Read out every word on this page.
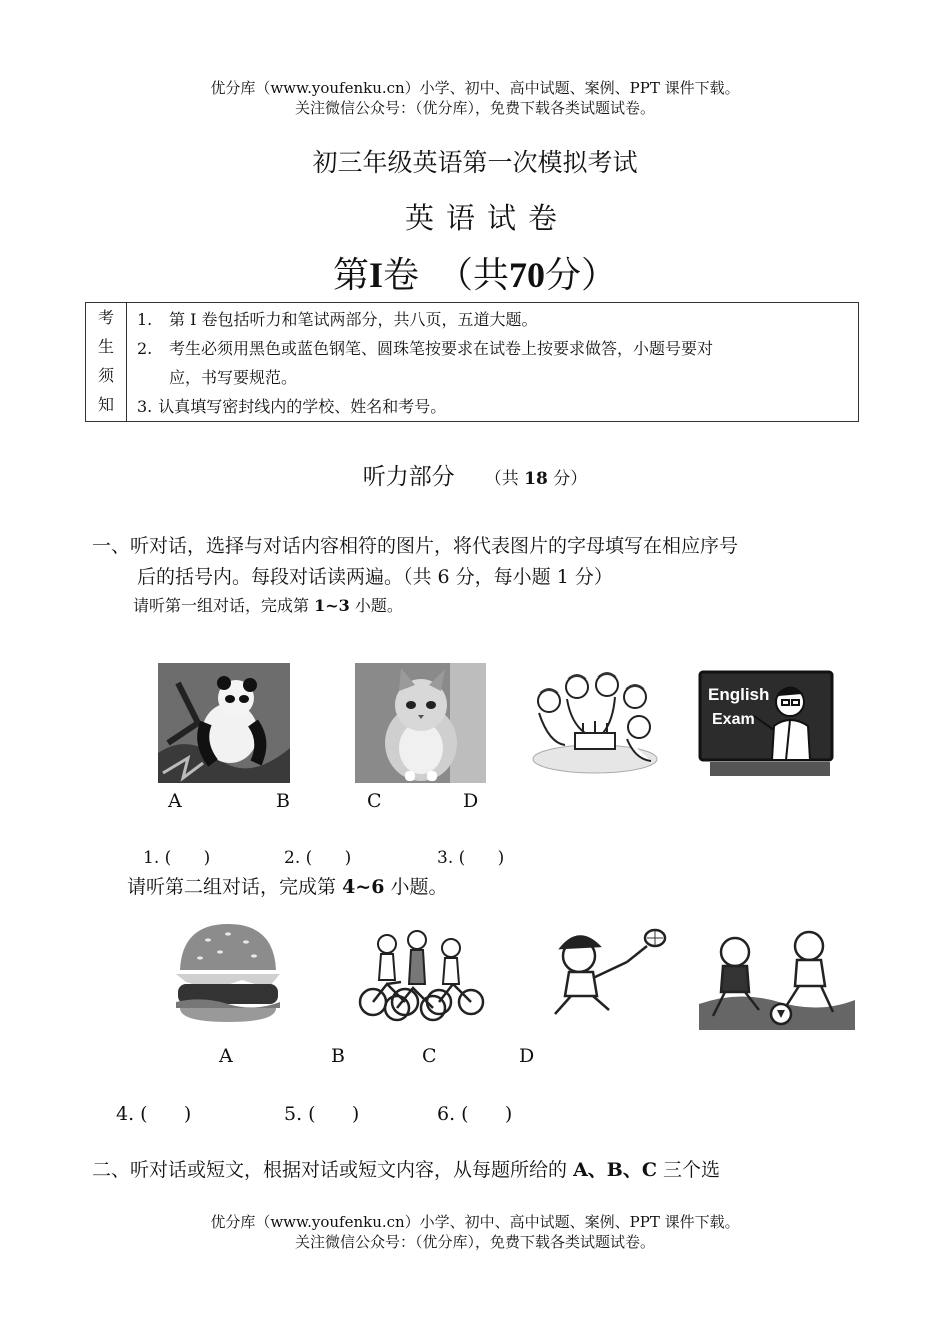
优分库（www.youfenku.cn）小学、初中、高中试题、案例、PPT 课件下载。
关注微信公众号：（优分库），免费下载各类试题试卷。
初三年级英语第一次模拟考试
英语试卷
第I卷　（共70分）
考
生
须
知

1.	第 I 卷包括听力和笔试两部分，共八页，五道大题。
2.	考生必须用黑色或蓝色钢笔、圆珠笔按要求在试卷上按要求做答，小题号要对
应，书写要规范。
3. 认真填写密封线内的学校、姓名和考号。
听力部分 （共 18 分）
一、听对话，选择与对话内容相符的图片，将代表图片的字母填写在相应序号
后的括号内。每段对话读两遍。（共 6 分，每小题 1 分）
请听第一组对话，完成第 1~3 小题。
English
Exam
A	B	C	D
1. (      )	2. (      )	3. (      )
请听第二组对话，完成第 4~6 小题。
A	B	C	D
4. (      )	5. (      )	6. (      )
二、听对话或短文，根据对话或短文内容，从每题所给的 A、B、C 三个选
优分库（www.youfenku.cn）小学、初中、高中试题、案例、PPT 课件下载。
关注微信公众号：（优分库），免费下载各类试题试卷。
